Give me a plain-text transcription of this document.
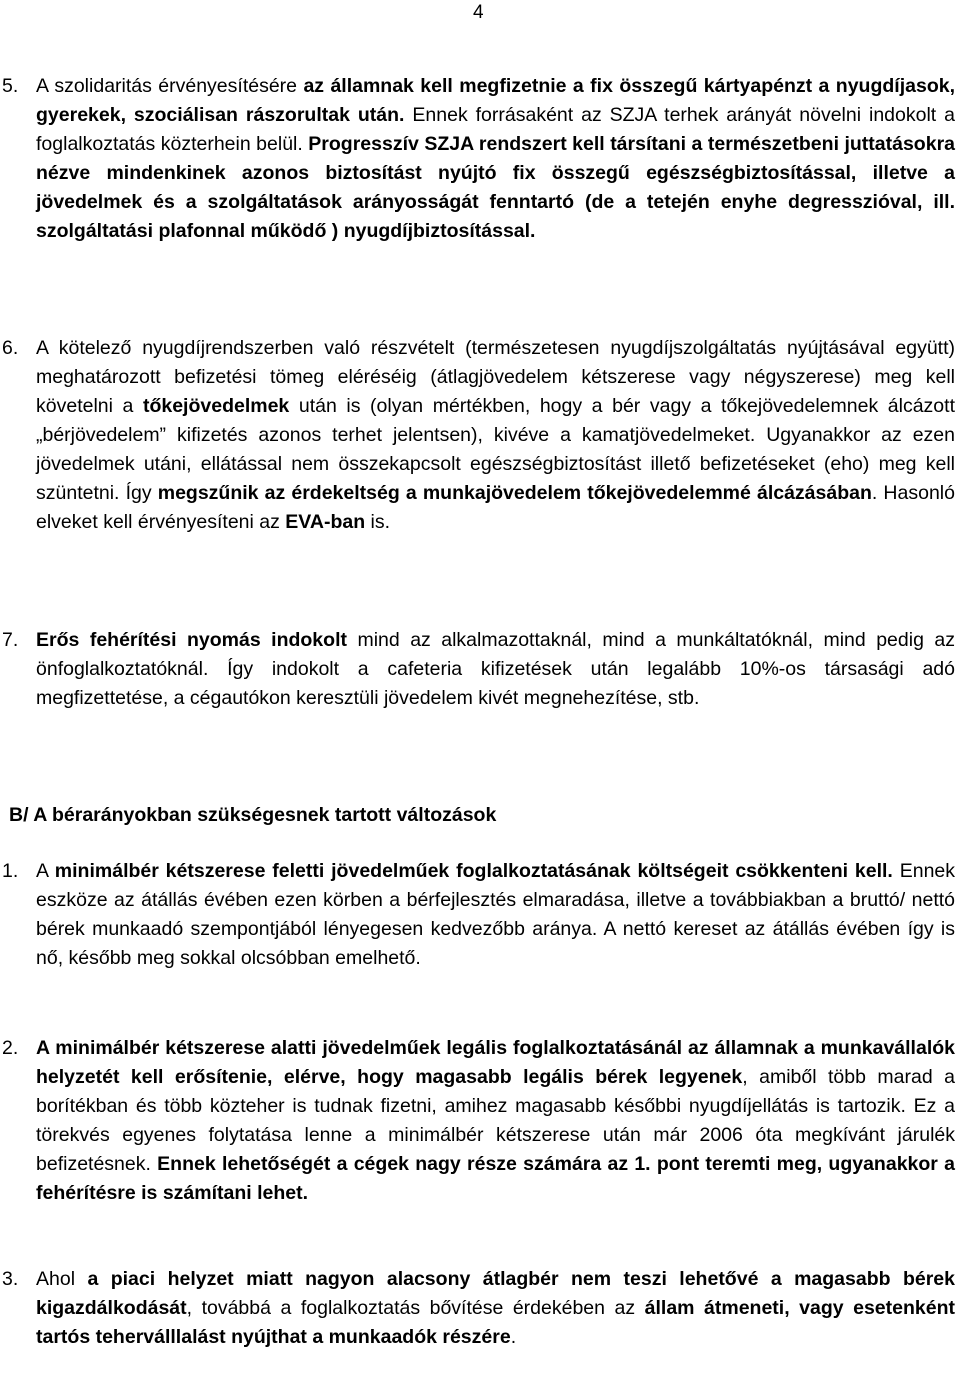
4
5. A szolidaritás érvényesítésére az államnak kell megfizetnie a fix összegű kártyapénzt a nyugdíjasok, gyerekek, szociálisan rászorultak után. Ennek forrásaként az SZJA terhek arányát növelni indokolt a foglalkoztatás közterhein belül. Progresszív SZJA rendszert kell társítani a természetbeni juttatásokra nézve mindenkinek azonos biztosítást nyújtó fix összegű egészségbiztosítással, illetve a jövedelmek és a szolgáltatások arányosságát fenntartó (de a tetején enyhe degresszióval, ill. szolgáltatási plafonnal működő ) nyugdíjbiztosítással.
6. A kötelező nyugdíjrendszerben való részvételt (természetesen nyugdíjszolgáltatás nyújtásával együtt) meghatározott befizetési tömeg eléréséig (átlagjövedelem kétszerese vagy négyszerese) meg kell követelni a tőkejövedelmek után is (olyan mértékben, hogy a bér vagy a tőkejövedelemnek álcázott „bérjövedelem” kifizetés azonos terhet jelentsen), kivéve a kamatjövedelmeket. Ugyanakkor az ezen jövedelmek utáni, ellátással nem összekapcsolt egészségbiztosítást illető befizetéseket (eho) meg kell szüntetni. Így megszűnik az érdekeltség a munkajövedelem tőkejövedelemmé álcázásában. Hasonló elveket kell érvényesíteni az EVA-ban is.
7. Erős fehérítési nyomás indokolt mind az alkalmazottaknál, mind a munkáltatóknál, mind pedig az önfoglalkoztatóknál. Így indokolt a cafeteria kifizetések után legalább 10%-os társasági adó megfizettetése, a cégautókon keresztüli jövedelem kivét megnehezítése, stb.
B/ A bérarányokban szükségesnek tartott változások
1. A minimálbér kétszerese feletti jövedelműek foglalkoztatásának költségeit csökkenteni kell. Ennek eszköze az átállás évében ezen körben a bérfejlesztés elmaradása, illetve a továbbiakban a bruttó/ nettó bérek munkaadó szempontjából lényegesen kedvezőbb aránya. A nettó kereset az átállás évében így is nő, később meg sokkal olcsóbban emelhető.
2. A minimálbér kétszerese alatti jövedelműek legális foglalkoztatásánál az államnak a munkavállalók helyzetét kell erősítenie, elérve, hogy magasabb legális bérek legyenek, amiből több marad a borítékban és több közteher is tudnak fizetni, amihez magasabb későbbi nyugdíjellátás is tartozik. Ez a törekvés egyenes folytatása lenne a minimálbér kétszerese után már 2006 óta megkívánt járulék befizetésnek. Ennek lehetőségét a cégek nagy része számára az 1. pont teremti meg, ugyanakkor a fehérítésre is számítani lehet.
3. Ahol a piaci helyzet miatt nagyon alacsony átlagbér nem teszi lehetővé a magasabb bérek kigazdálkodását, továbbá a foglalkoztatás bővítése érdekében az állam átmeneti, vagy esetenként tartós teherválllalást nyújthat a munkaadók részére.
